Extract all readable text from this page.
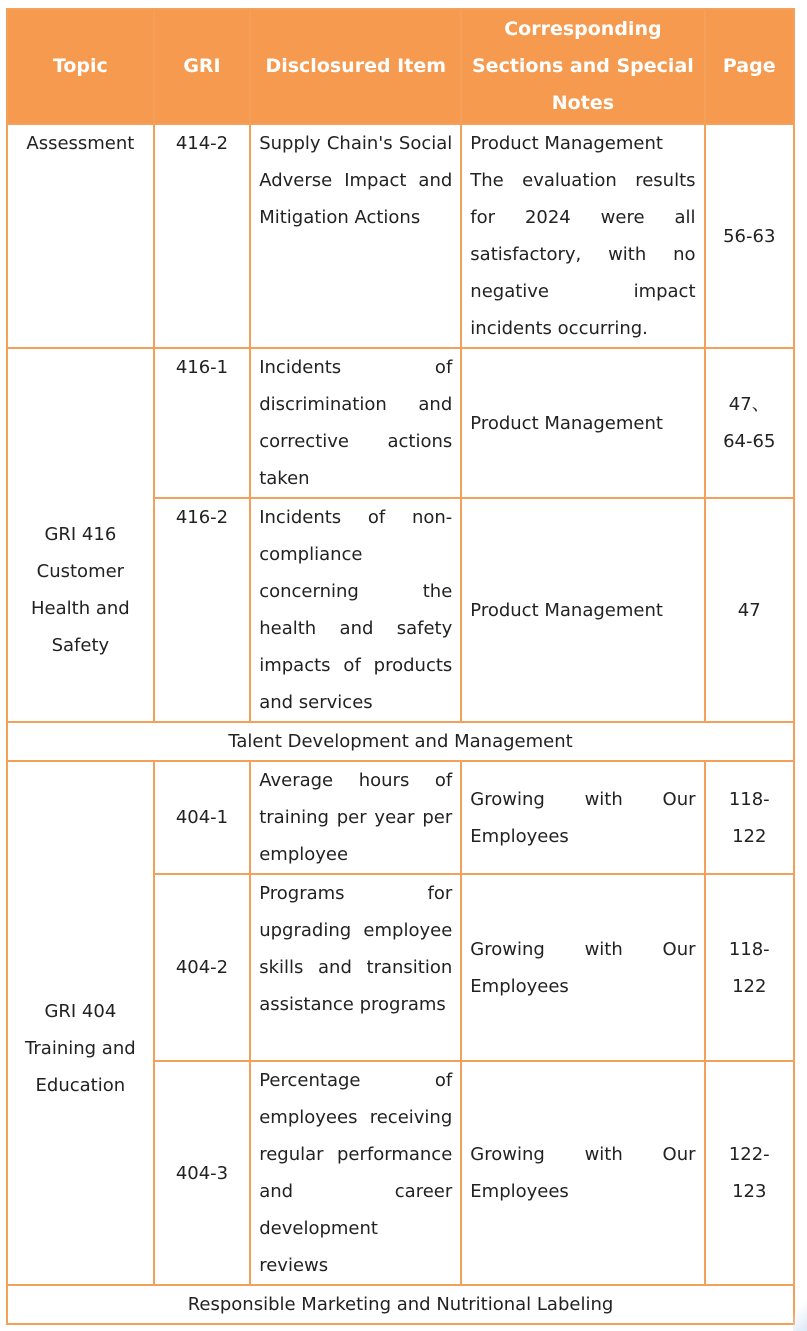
Topic	GRI	Disclosured Item	Corresponding
Sections and Special
Notes	Page
Assessment	414-2	Supply Chain's Social Adverse Impact and Mitigation Actions	Product Management
The evaluation results for 2024 were all satisfactory, with no negative impact incidents occurring.	56-63
GRI 416
Customer
Health and
Safety	416-1	Incidents of discrimination and corrective actions taken	Product Management	47、
64-65
	416-2	Incidents of non-compliance concerning the health and safety impacts of products and services	Product Management	47
Talent Development and Management				
GRI 404
Training and
Education	404-1	Average hours of training per year per employee	Growing with Our Employees	118-
122
	404-2	Programs for upgrading employee skills and transition assistance programs	Growing with Our Employees	118-
122
	404-3	Percentage of employees receiving regular performance and career development reviews	Growing with Our Employees	122-
123
Responsible Marketing and Nutritional Labeling				
